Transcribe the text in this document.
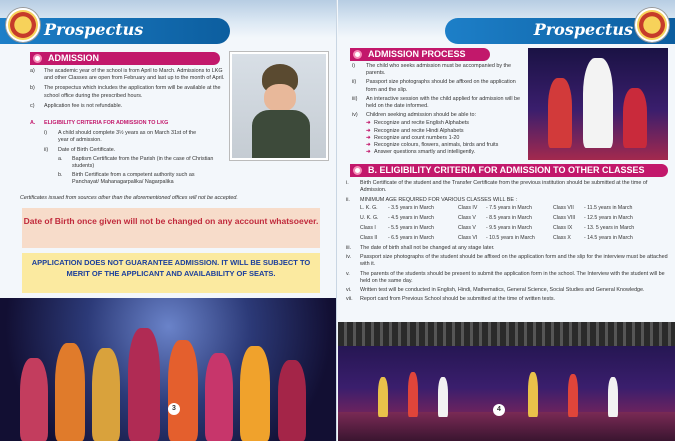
Prospectus
ADMISSION
a)	The academic year of the school is from April to March. Admissions to LKG and other Classes are open from February and last up to the month of April.
b)	The prospectus which includes the application form will be available at the school office during the prescribed hours.
c)	Application fee is not refundable.
A.	ELIGIBILITY CRITERIA FOR ADMISSION TO LKG
i)	A child should complete 3½ years as on March 31st of the year of admission.
ii)	Date of Birth Certificate.
a.	Baptism Certificate from the Parish (in the case of Christian students)
b.	Birth Certificate from a competent authority such as Panchayat/ Mahanagarpalika/ Nagarpalika
Certificates issued from sources other than the aforementioned offices will not be accepted.
Date of Birth once given will not be changed on any account whatsoever.
APPLICATION DOES NOT GUARANTEE ADMISSION. IT WILL BE SUBJECT TO MERIT OF THE APPLICANT AND AVAILABILITY OF SEATS.
3
Prospectus
ADMISSION PROCESS
i)	The child who seeks admission must be accompanied by the parents.
ii)	Passport size photographs should be affixed on the application form and the slip.
iii)	An interactive session with the child applied for admission will be held on the date informed.
iv)	Children seeking admission should be able to:
➜ Recognize and recite English Alphabets
➜ Recognize and recite Hindi Alphabets
➜ Recognize and count numbers 1-20
➜ Recognize colours, flowers, animals, birds and fruits
➜ Answer questions smartly and intelligently.
B. ELIGIBILITY CRITERIA FOR ADMISSION TO OTHER CLASSES
i.	Birth Certificate of the student and the Transfer Certificate from the previous institution should be submitted at the time of Admission.
ii.	MINIMUM AGE REQUIRED FOR VARIOUS CLASSES WILL BE :
L. K. G. - 3.5 years in March	Class IV - 7.5 years in March	Class VII - 11.5 years in March
U. K. G. - 4.5 years in March	Class V - 8.5 years in March	Class VIII - 12.5 years in March
Class I - 5.5 years in March	Class V - 9.5 years in March	Class IX - 13. 5 years in March
Class II - 6.5 years in March	Class VI - 10.5 years in March	Class X	- 14.5 years in March
iii.	The date of birth shall not be changed at any stage later.
iv.	Passport size photographs of the student should be affixed on the application form and the slip for the interview must be attached with it.
v.	The parents of the students should be present to submit the application form in the school. The Interview with the student will be held on the same day.
vi.	Written test will be conducted in English, Hindi, Mathematics, General Science, Social Studies and General Knowledge.
vii.	Report card from Previous School should be submitted at the time of written tests.
4
